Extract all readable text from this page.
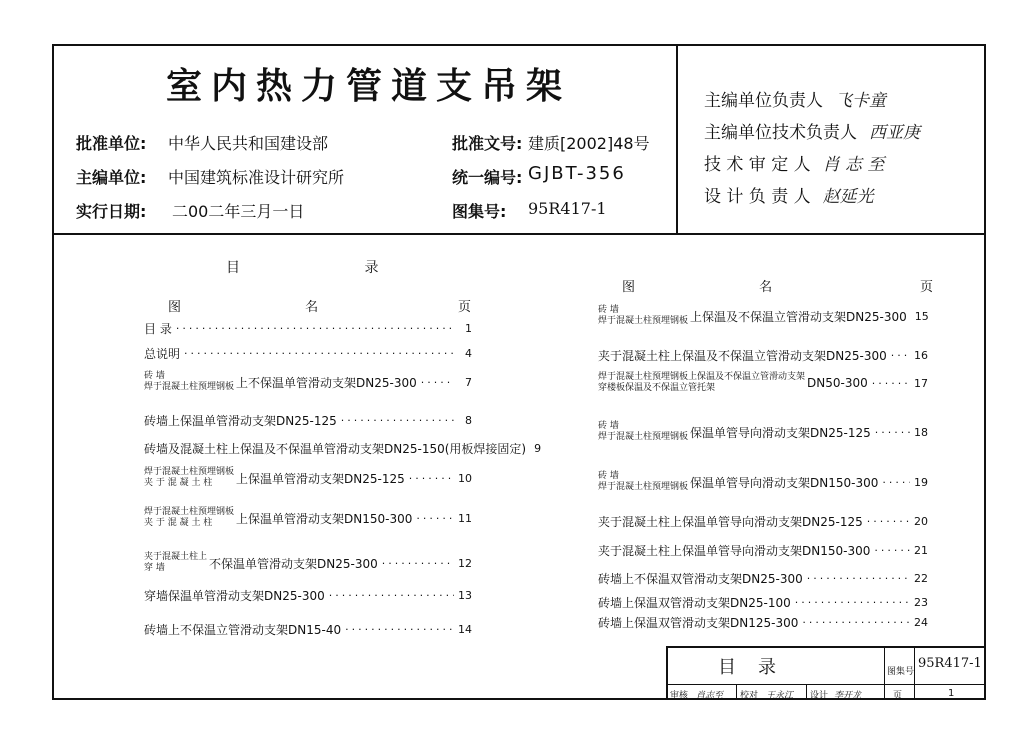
室内热力管道支吊架
批准单位: 中华人民共和国建设部
主编单位: 中国建筑标准设计研究所
实行日期: 二00二年三月一日
批准文号: 建质[2002]48号
统一编号: GJBT-356
图集号: 95R417-1
主编单位负责人 飞卡童
主编单位技术负责人 西亚庚
技 术 审 定 人 肖 志 至
设 计 负 责 人 赵延光
目 录
图 名	页
图 名	页
目 录 ·····	1
总说明 ·····	4
砖 墙
焊于混凝土柱预埋钢板 上不保温单管滑动支架DN25-300 ·····	7
砖墙上保温单管滑动支架DN25-125 ·····	8
砖墙及混凝土柱上保温及不保温单管滑动支架DN25-150(用板焊接固定) 9
焊于混凝土柱预埋钢板
夹 于 混 凝 土 柱	上保温单管滑动支架DN25-125 ·····	10
焊于混凝土柱预埋钢板
夹 于 混 凝 土 柱	上保温单管滑动支架DN150-300 ·····	11
夹于混凝土柱上
穿 墙	不保温单管滑动支架DN25-300 ·····	12
穿墙保温单管滑动支架DN25-300 ·····	13
砖墙上不保温立管滑动支架DN15-40 ·····	14
砖 墙
焊于混凝土柱预埋钢板 上保温及不保温立管滑动支架DN25-300 15
夹于混凝土柱上保温及不保温立管滑动支架DN25-300 ····· 16
焊于混凝土柱预埋钢板上保温及不保温立管滑动支架
穿楼板保温及不保温立管托架	DN50-300 ·····	17
砖 墙
焊于混凝土柱预埋钢板 保温单管导向滑动支架DN25-125 ·····	18
砖 墙
焊于混凝土柱预埋钢板 保温单管导向滑动支架DN150-300 ·····	19
夹于混凝土柱上保温单管导向滑动支架DN25-125 ·····	20
夹于混凝土柱上保温单管导向滑动支架DN150-300 ·····	21
砖墙上不保温双管滑动支架DN25-300 ·····	22
砖墙上保温双管滑动支架DN25-100 ·····	23
砖墙上保温双管滑动支架DN125-300 ·····	24
目录	图集号
95R417-1
审核 肖志至 校对 王永江 设计 李开龙	页	1
